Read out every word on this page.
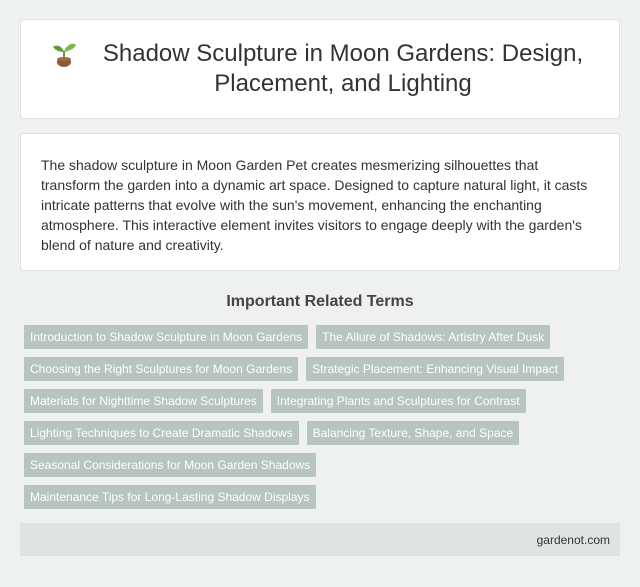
Shadow Sculpture in Moon Gardens: Design, Placement, and Lighting

The shadow sculpture in Moon Garden Pet creates mesmerizing silhouettes that transform the garden into a dynamic art space. Designed to capture natural light, it casts intricate patterns that evolve with the sun's movement, enhancing the enchanting atmosphere. This interactive element invites visitors to engage deeply with the garden's blend of nature and creativity.

Important Related Terms
Introduction to Shadow Sculpture in Moon Gardens	The Allure of Shadows: Artistry After Dusk
Choosing the Right Sculptures for Moon Gardens	Strategic Placement: Enhancing Visual Impact
Materials for Nighttime Shadow Sculptures	Integrating Plants and Sculptures for Contrast
Lighting Techniques to Create Dramatic Shadows	Balancing Texture, Shape, and Space
Seasonal Considerations for Moon Garden Shadows
Maintenance Tips for Long-Lasting Shadow Displays
gardenot.com
